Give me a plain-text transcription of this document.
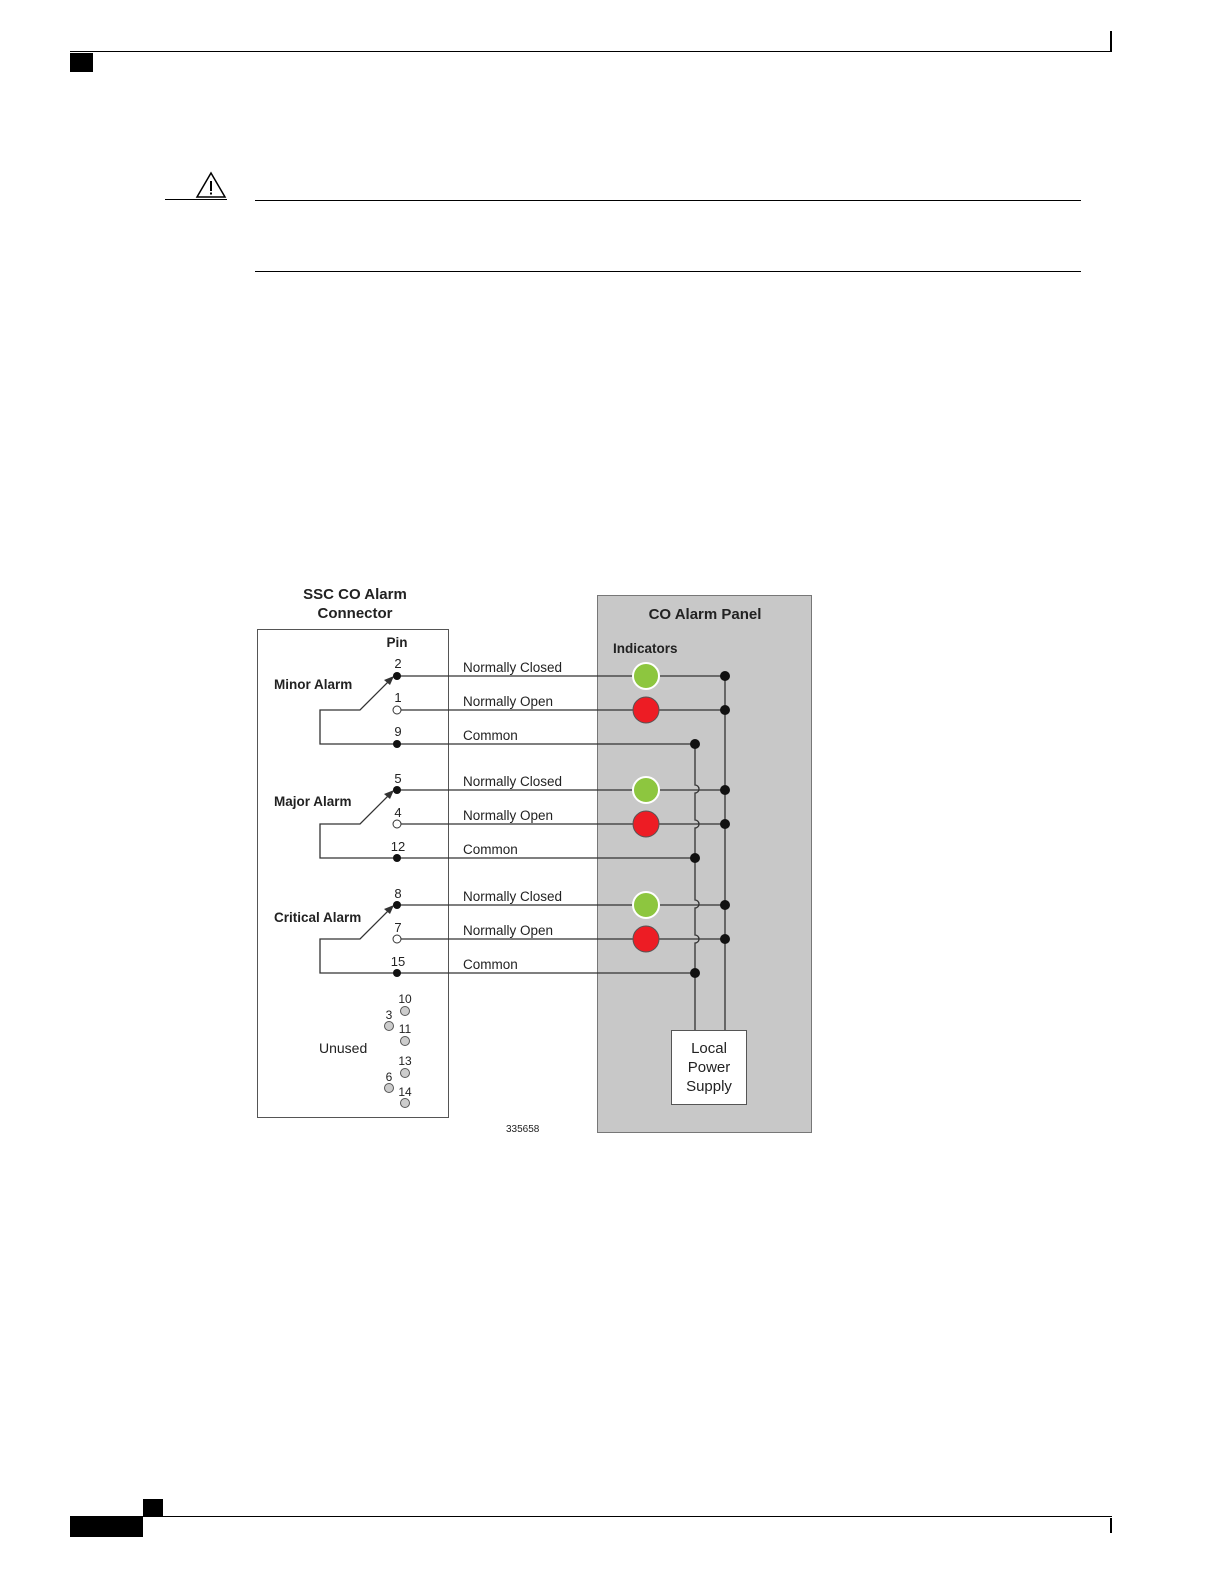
CO Alarm Panel
Indicators
SSC CO Alarm
Connector
Pin
Minor Alarm
2
1
9
Normally Closed
Normally Open
Common
Major Alarm
5
4
12
Normally Closed
Normally Open
Common
Critical Alarm
8
7
15
Normally Closed
Normally Open
Common
Unused
10
3
11
13
6
14
Local
Power
Supply
335658
